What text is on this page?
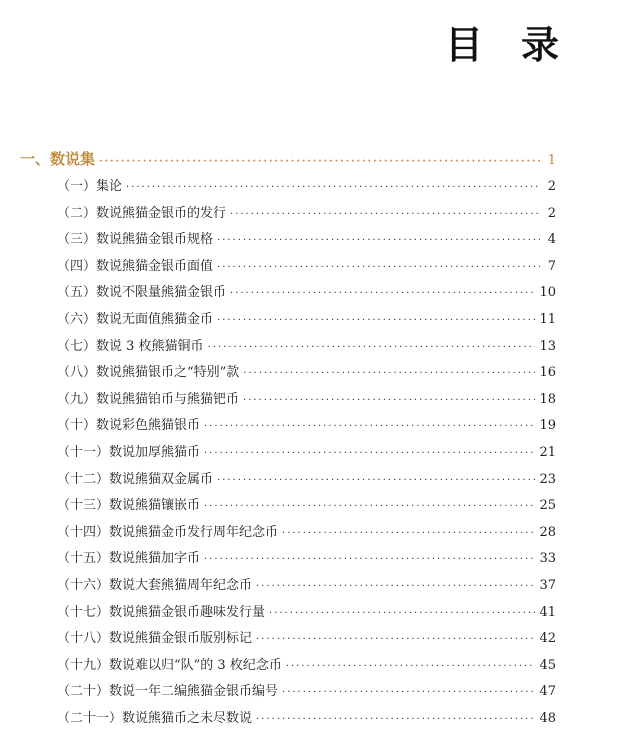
目 录
一、数说集 ·····	1
（一）集论 ·····	2
（二）数说熊猫金银币的发行 ·····	2
（三）数说熊猫金银币规格 ·····	4
（四）数说熊猫金银币面值 ·····	7
（五）数说不限量熊猫金银币 ·····	10
（六）数说无面值熊猫金币 ·····	11
（七）数说 3 枚熊猫铜币 ·····	13
（八）数说熊猫银币之“特别”款 ·····	16
（九）数说熊猫铂币与熊猫钯币 ·····	18
（十）数说彩色熊猫银币 ·····	19
（十一）数说加厚熊猫币 ·····	21
（十二）数说熊猫双金属币 ·····	23
（十三）数说熊猫镶嵌币 ·····	25
（十四）数说熊猫金币发行周年纪念币 ·····	28
（十五）数说熊猫加字币 ·····	33
（十六）数说大套熊猫周年纪念币 ·····	37
（十七）数说熊猫金银币趣味发行量 ·····	41
（十八）数说熊猫金银币版别标记 ·····	42
（十九）数说难以归“队”的 3 枚纪念币 ·····	45
（二十）数说一年二编熊猫金银币编号 ·····	47
（二十一）数说熊猫币之未尽数说 ·····	48
